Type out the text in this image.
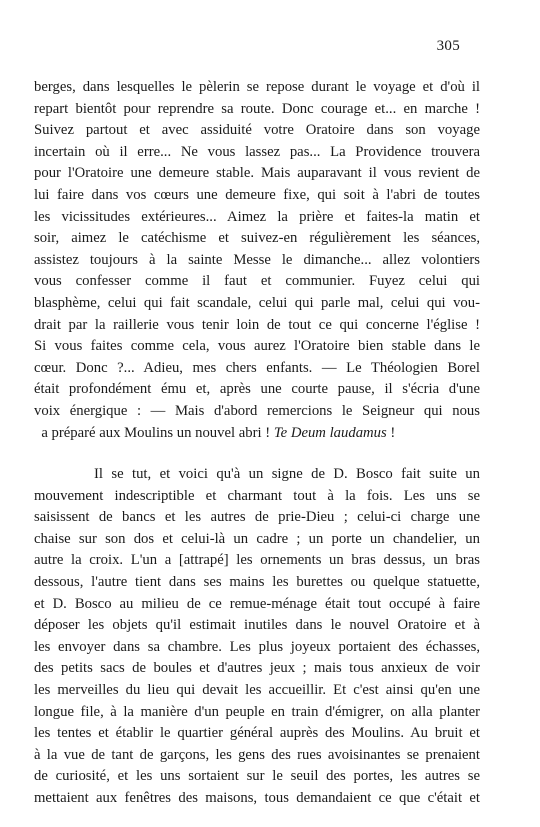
305
berges, dans lesquelles le pèlerin se repose durant le voyage et d'où il
repart bientôt pour reprendre sa route. Donc courage et... en marche !
Suivez partout et avec assiduité votre Oratoire dans son voyage
incertain où il erre... Ne vous lassez pas... La Providence trouvera
pour l'Oratoire une demeure stable. Mais auparavant il vous revient de
lui faire dans vos cœurs une demeure fixe, qui soit à l'abri de toutes
les vicissitudes extérieures... Aimez la prière et faites-la matin et
soir, aimez le catéchisme et suivez-en régulièrement les séances,
assistez toujours à la sainte Messe le dimanche... allez volontiers
vous confesser comme il faut et communier. Fuyez celui qui
blasphème, celui qui fait scandale, celui qui parle mal, celui qui vou-
drait par la raillerie vous tenir loin de tout ce qui concerne l'église !
Si vous faites comme cela, vous aurez l'Oratoire bien stable dans le
cœur. Donc ?... Adieu, mes chers enfants. — Le Théologien Borel
était profondément ému et, après une courte pause, il s'écria d'une
voix énergique : — Mais d'abord remercions le Seigneur qui nous
a préparé aux Moulins un nouvel abri ! Te Deum laudamus !
Il se tut, et voici qu'à un signe de D. Bosco fait suite un
mouvement indescriptible et charmant tout à la fois. Les uns se
saisissent de bancs et les autres de prie-Dieu ; celui-ci charge une
chaise sur son dos et celui-là un cadre ; un porte un chandelier, un
autre la croix. L'un a [attrapé] les ornements un bras dessus, un bras
dessous, l'autre tient dans ses mains les burettes ou quelque statuette,
et D. Bosco au milieu de ce remue-ménage était tout occupé à faire
déposer les objets qu'il estimait inutiles dans le nouvel Oratoire et à
les envoyer dans sa chambre. Les plus joyeux portaient des échasses,
des petits sacs de boules et d'autres jeux ; mais tous anxieux de voir
les merveilles du lieu qui devait les accueillir. Et c'est ainsi qu'en une
longue file, à la manière d'un peuple en train d'émigrer, on alla planter
les tentes et établir le quartier général auprès des Moulins. Au bruit et
à la vue de tant de garçons, les gens des rues avoisinantes se prenaient
de curiosité, et les uns sortaient sur le seuil des portes, les autres se
mettaient aux fenêtres des maisons, tous demandaient ce que c'était et
